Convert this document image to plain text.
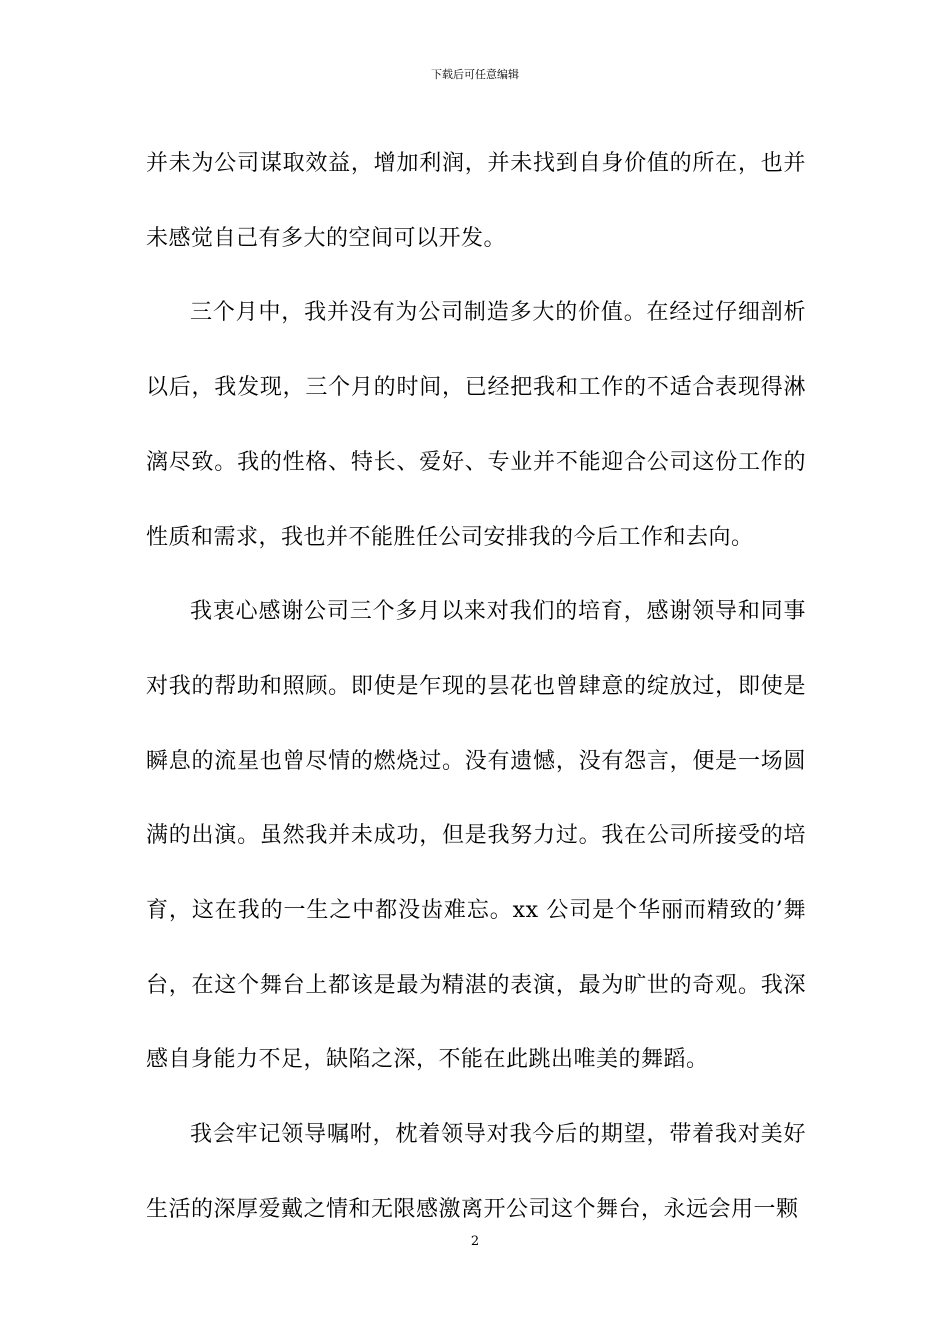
下载后可任意编辑

并未为公司谋取效益，增加利润，并未找到自身价值的所在，也并未感觉自己有多大的空间可以开发。

三个月中，我并没有为公司制造多大的价值。在经过仔细剖析以后，我发现，三个月的时间，已经把我和工作的不适合表现得淋漓尽致。我的性格、特长、爱好、专业并不能迎合公司这份工作的性质和需求，我也并不能胜任公司安排我的今后工作和去向。

我衷心感谢公司三个多月以来对我们的培育，感谢领导和同事对我的帮助和照顾。即使是乍现的昙花也曾肆意的绽放过，即使是瞬息的流星也曾尽情的燃烧过。没有遗憾，没有怨言，便是一场圆满的出演。虽然我并未成功，但是我努力过。我在公司所接受的培育，这在我的一生之中都没齿难忘。xx 公司是个华丽而精致的’舞台，在这个舞台上都该是最为精湛的表演，最为旷世的奇观。我深感自身能力不足，缺陷之深，不能在此跳出唯美的舞蹈。

我会牢记领导嘱咐，枕着领导对我今后的期望，带着我对美好生活的深厚爱戴之情和无限感激离开公司这个舞台，永远会用一颗

2
